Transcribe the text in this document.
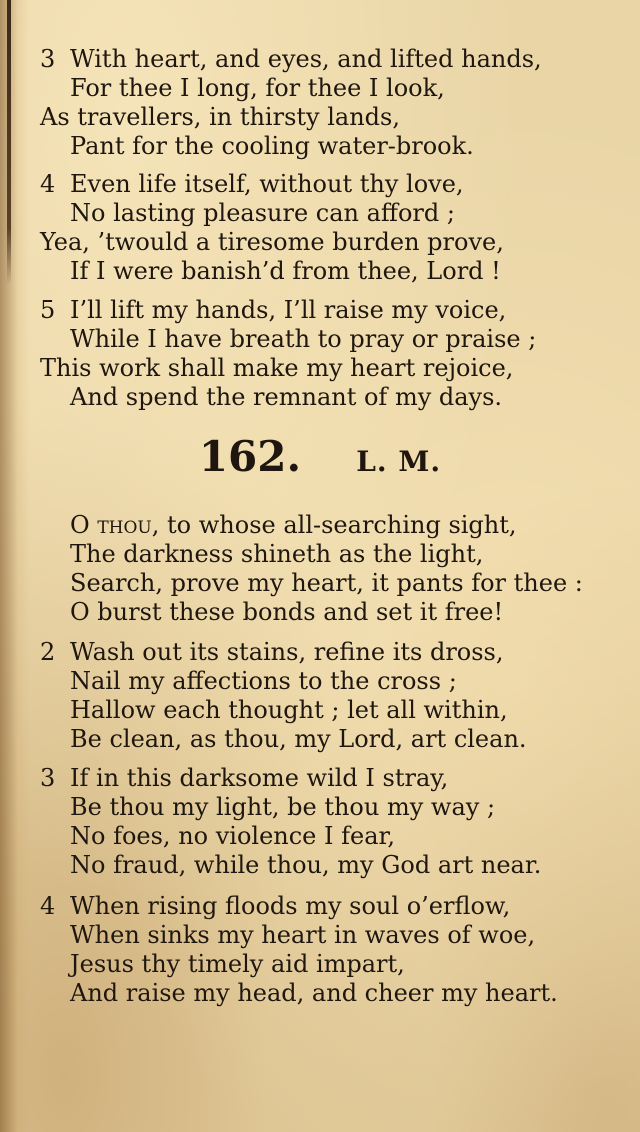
3 With heart, and eyes, and lifted hands,
For thee I long, for thee I look,
As travellers, in thirsty lands,
Pant for the cooling water-brook.
4 Even life itself, without thy love,
No lasting pleasure can afford ;
Yea, ’twould a tiresome burden prove,
If I were banish’d from thee, Lord !
5 I’ll lift my hands, I’ll raise my voice,
While I have breath to pray or praise ;
This work shall make my heart rejoice,
And spend the remnant of my days.
162. L. M.
O thou, to whose all-searching sight,
The darkness shineth as the light,
Search, prove my heart, it pants for thee :
O burst these bonds and set it free!
2 Wash out its stains, refine its dross,
Nail my affections to the cross ;
Hallow each thought ; let all within,
Be clean, as thou, my Lord, art clean.
3 If in this darksome wild I stray,
Be thou my light, be thou my way ;
No foes, no violence I fear,
No fraud, while thou, my God art near.
4 When rising floods my soul o’erflow,
When sinks my heart in waves of woe,
Jesus thy timely aid impart,
And raise my head, and cheer my heart.
